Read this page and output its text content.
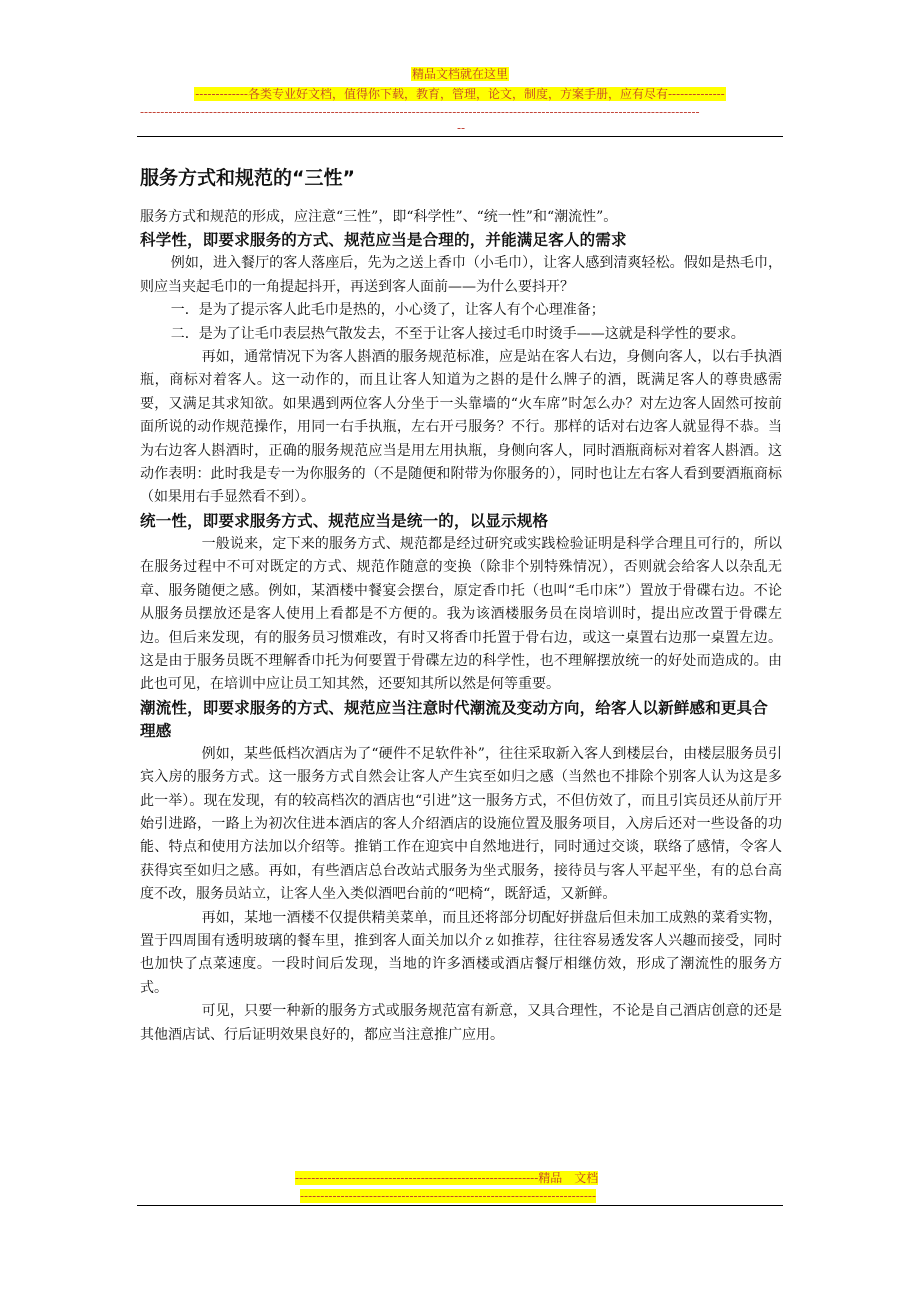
精品文档就在这里
-------------各类专业好文档，值得你下载，教育，管理，论文，制度，方案手册，应有尽有--------------
------------------------------------------------------------------------------------------------------------------------------------------
--
服务方式和规范的“三性”

服务方式和规范的形成，应注意“三性”，即“科学性”、“统一性”和“潮流性”。

科学性，即要求服务的方式、规范应当是合理的，并能满足客人的需求

例如，进入餐厅的客人落座后，先为之送上香巾（小毛巾），让客人感到清爽轻松。假如是热毛巾，则应当夹起毛巾的一角提起抖开，再送到客人面前——为什么要抖开？

一．是为了提示客人此毛巾是热的，小心烫了，让客人有个心理准备；

二．是为了让毛巾表层热气散发去，不至于让客人接过毛巾时烫手——这就是科学性的要求。

再如，通常情况下为客人斟酒的服务规范标准，应是站在客人右边，身侧向客人，以右手执酒瓶，商标对着客人。这一动作的，而且让客人知道为之斟的是什么牌子的酒，既满足客人的尊贵感需要，又满足其求知欲。如果遇到两位客人分坐于一头靠墙的“火车席”时怎么办？对左边客人固然可按前面所说的动作规范操作，用同一右手执瓶，左右开弓服务？不行。那样的话对右边客人就显得不恭。当为右边客人斟酒时，正确的服务规范应当是用左用执瓶，身侧向客人，同时酒瓶商标对着客人斟酒。这动作表明：此时我是专一为你服务的（不是随便和附带为你服务的），同时也让左右客人看到要酒瓶商标（如果用右手显然看不到）。

统一性，即要求服务方式、规范应当是统一的，以显示规格

一般说来，定下来的服务方式、规范都是经过研究或实践检验证明是科学合理且可行的，所以在服务过程中不可对既定的方式、规范作随意的变换（除非个别特殊情况），否则就会给客人以杂乱无章、服务随便之感。例如，某酒楼中餐宴会摆台，原定香巾托（也叫“毛巾床”）置放于骨碟右边。不论从服务员摆放还是客人使用上看都是不方便的。我为该酒楼服务员在岗培训时，提出应改置于骨碟左边。但后来发现，有的服务员习惯难改，有时又将香巾托置于骨右边，或这一桌置右边那一桌置左边。这是由于服务员既不理解香巾托为何要置于骨碟左边的科学性，也不理解摆放统一的好处而造成的。由此也可见，在培训中应让员工知其然，还要知其所以然是何等重要。

潮流性，即要求服务的方式、规范应当注意时代潮流及变动方向，给客人以新鲜感和更具合理感

例如，某些低档次酒店为了“硬件不足软件补”，往往采取新入客人到楼层台，由楼层服务员引宾入房的服务方式。这一服务方式自然会让客人产生宾至如归之感（当然也不排除个别客人认为这是多此一举）。现在发现，有的较高档次的酒店也“引进”这一服务方式，不但仿效了，而且引宾员还从前厅开始引进路，一路上为初次住进本酒店的客人介绍酒店的设施位置及服务项目，入房后还对一些设备的功能、特点和使用方法加以介绍等。推销工作在迎宾中自然地进行，同时通过交谈，联络了感情，令客人获得宾至如归之感。再如，有些酒店总台改站式服务为坐式服务，接待员与客人平起平坐，有的总台高度不改，服务员站立，让客人坐入类似酒吧台前的“吧椅“，既舒适，又新鲜。

再如，某地一酒楼不仅提供精美菜单，而且还将部分切配好拼盘后但未加工成熟的菜肴实物，置于四周围有透明玻璃的餐车里，推到客人面关加以介ｚ如推荐，往往容易透发客人兴趣而接受，同时也加快了点菜速度。一段时间后发现，当地的许多酒楼或酒店餐厅相继仿效，形成了潮流性的服务方式。

可见，只要一种新的服务方式或服务规范富有新意，又具合理性，不论是自己酒店创意的还是其他酒店试、行后证明效果良好的，都应当注意推广应用。

------------------------------------------------------------精品　文档
-------------------------------------------------------------------------
